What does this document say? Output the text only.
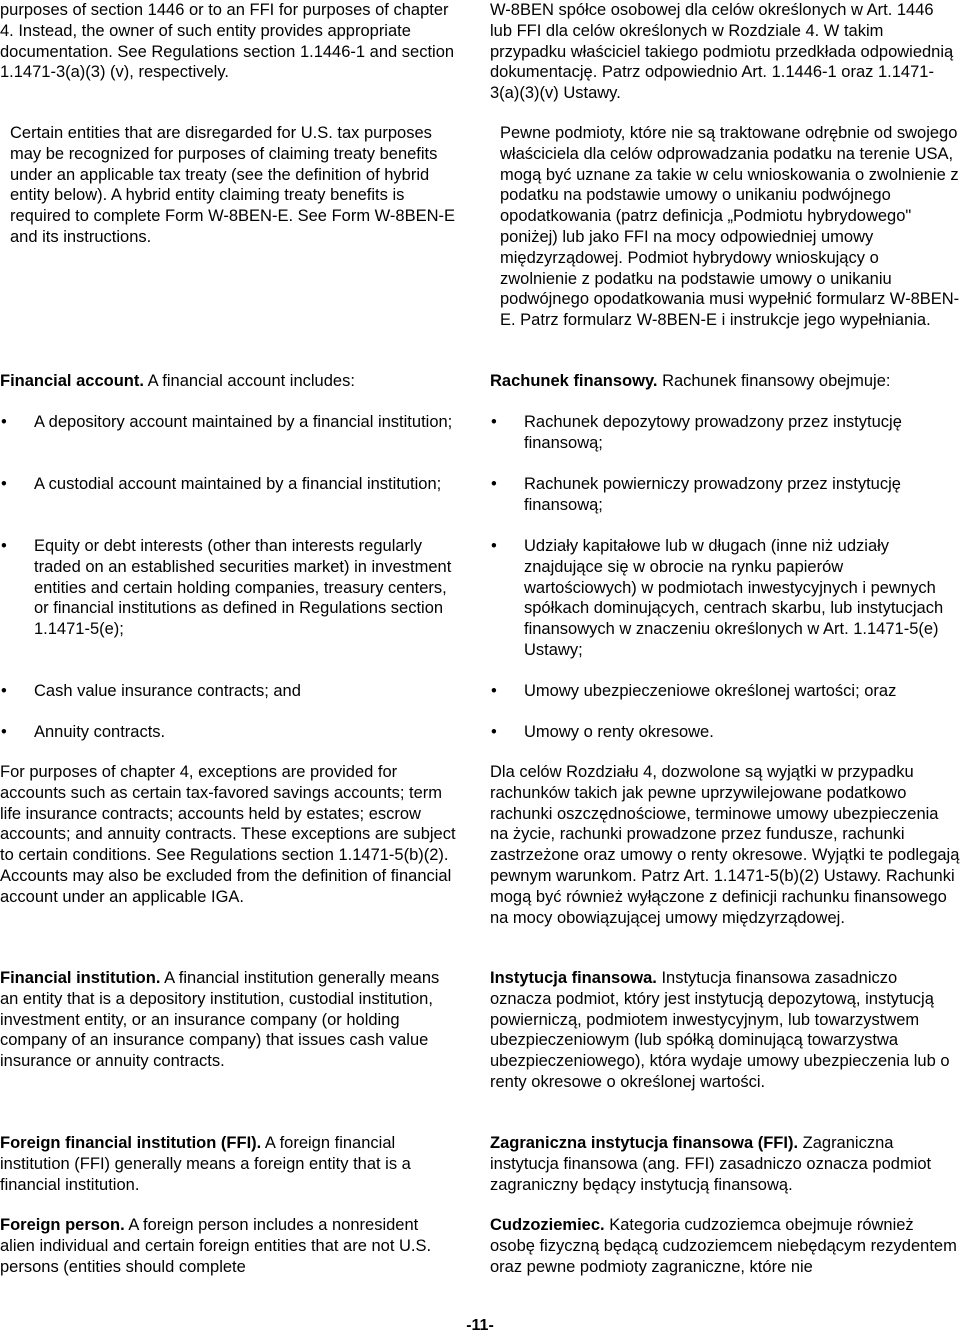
purposes of section 1446 or to an FFI for purposes of chapter 4. Instead, the owner of such entity provides appropriate documentation. See Regulations section 1.1446-1 and section 1.1471-3(a)(3) (v), respectively.

Certain entities that are disregarded for U.S. tax purposes may be recognized for purposes of claiming treaty benefits under an applicable tax treaty (see the definition of hybrid entity below). A hybrid entity claiming treaty benefits is required to complete Form W-8BEN-E. See Form W-8BEN-E and its instructions.

Financial account. A financial account includes:

• A depository account maintained by a financial institution;
• A custodial account maintained by a financial institution;
• Equity or debt interests (other than interests regularly traded on an established securities market) in investment entities and certain holding companies, treasury centers, or financial institutions as defined in Regulations section 1.1471-5(e);
• Cash value insurance contracts; and
• Annuity contracts.

For purposes of chapter 4, exceptions are provided for accounts such as certain tax-favored savings accounts; term life insurance contracts; accounts held by estates; escrow accounts; and annuity contracts. These exceptions are subject to certain conditions. See Regulations section 1.1471-5(b)(2). Accounts may also be excluded from the definition of financial account under an applicable IGA.

Financial institution. A financial institution generally means an entity that is a depository institution, custodial institution, investment entity, or an insurance company (or holding company of an insurance company) that issues cash value insurance or annuity contracts.

Foreign financial institution (FFI). A foreign financial institution (FFI) generally means a foreign entity that is a financial institution.

Foreign person. A foreign person includes a nonresident alien individual and certain foreign entities that are not U.S. persons (entities should complete

W-8BEN spółce osobowej dla celów określonych w Art. 1446 lub FFI dla celów określonych w Rozdziale 4. W takim przypadku właściciel takiego podmiotu przedkłada odpowiednią dokumentację. Patrz odpowiednio Art. 1.1446-1 oraz 1.1471-3(a)(3)(v) Ustawy.

Pewne podmioty, które nie są traktowane odrębnie od swojego właściciela dla celów odprowadzania podatku na terenie USA, mogą być uznane za takie w celu wnioskowania o zwolnienie z podatku na podstawie umowy o unikaniu podwójnego opodatkowania (patrz definicja „Podmiotu hybrydowego" poniżej) lub jako FFI na mocy odpowiedniej umowy międzyrządowej. Podmiot hybrydowy wnioskujący o zwolnienie z podatku na podstawie umowy o unikaniu podwójnego opodatkowania musi wypełnić formularz W-8BEN-E. Patrz formularz W-8BEN-E i instrukcje jego wypełniania.

Rachunek finansowy. Rachunek finansowy obejmuje:

• Rachunek depozytowy prowadzony przez instytucję finansową;
• Rachunek powierniczy prowadzony przez instytucję finansową;
• Udziały kapitałowe lub w długach (inne niż udziały znajdujące się w obrocie na rynku papierów wartościowych) w podmiotach inwestycyjnych i pewnych spółkach dominujących, centrach skarbu, lub instytucjach finansowych w znaczeniu określonych w Art. 1.1471-5(e) Ustawy;
• Umowy ubezpieczeniowe określonej wartości; oraz
• Umowy o renty okresowe.

Dla celów Rozdziału 4, dozwolone są wyjątki w przypadku rachunków takich jak pewne uprzywilejowane podatkowo rachunki oszczędnościowe, terminowe umowy ubezpieczenia na życie, rachunki prowadzone przez fundusze, rachunki zastrzeżone oraz umowy o renty okresowe. Wyjątki te podlegają pewnym warunkom. Patrz Art. 1.1471-5(b)(2) Ustawy. Rachunki mogą być również wyłączone z definicji rachunku finansowego na mocy obowiązującej umowy międzyrządowej.

Instytucja finansowa. Instytucja finansowa zasadniczo oznacza podmiot, który jest instytucją depozytową, instytucją powierniczą, podmiotem inwestycyjnym, lub towarzystwem ubezpieczeniowym (lub spółką dominującą towarzystwa ubezpieczeniowego), która wydaje umowy ubezpieczenia lub o renty okresowe o określonej wartości.

Zagraniczna instytucja finansowa (FFI). Zagraniczna instytucja finansowa (ang. FFI) zasadniczo oznacza podmiot zagraniczny będący instytucją finansową.

Cudzoziemiec. Kategoria cudzoziemca obejmuje również osobę fizyczną będącą cudzoziemcem niebędącym rezydentem oraz pewne podmioty zagraniczne, które nie

-11-
